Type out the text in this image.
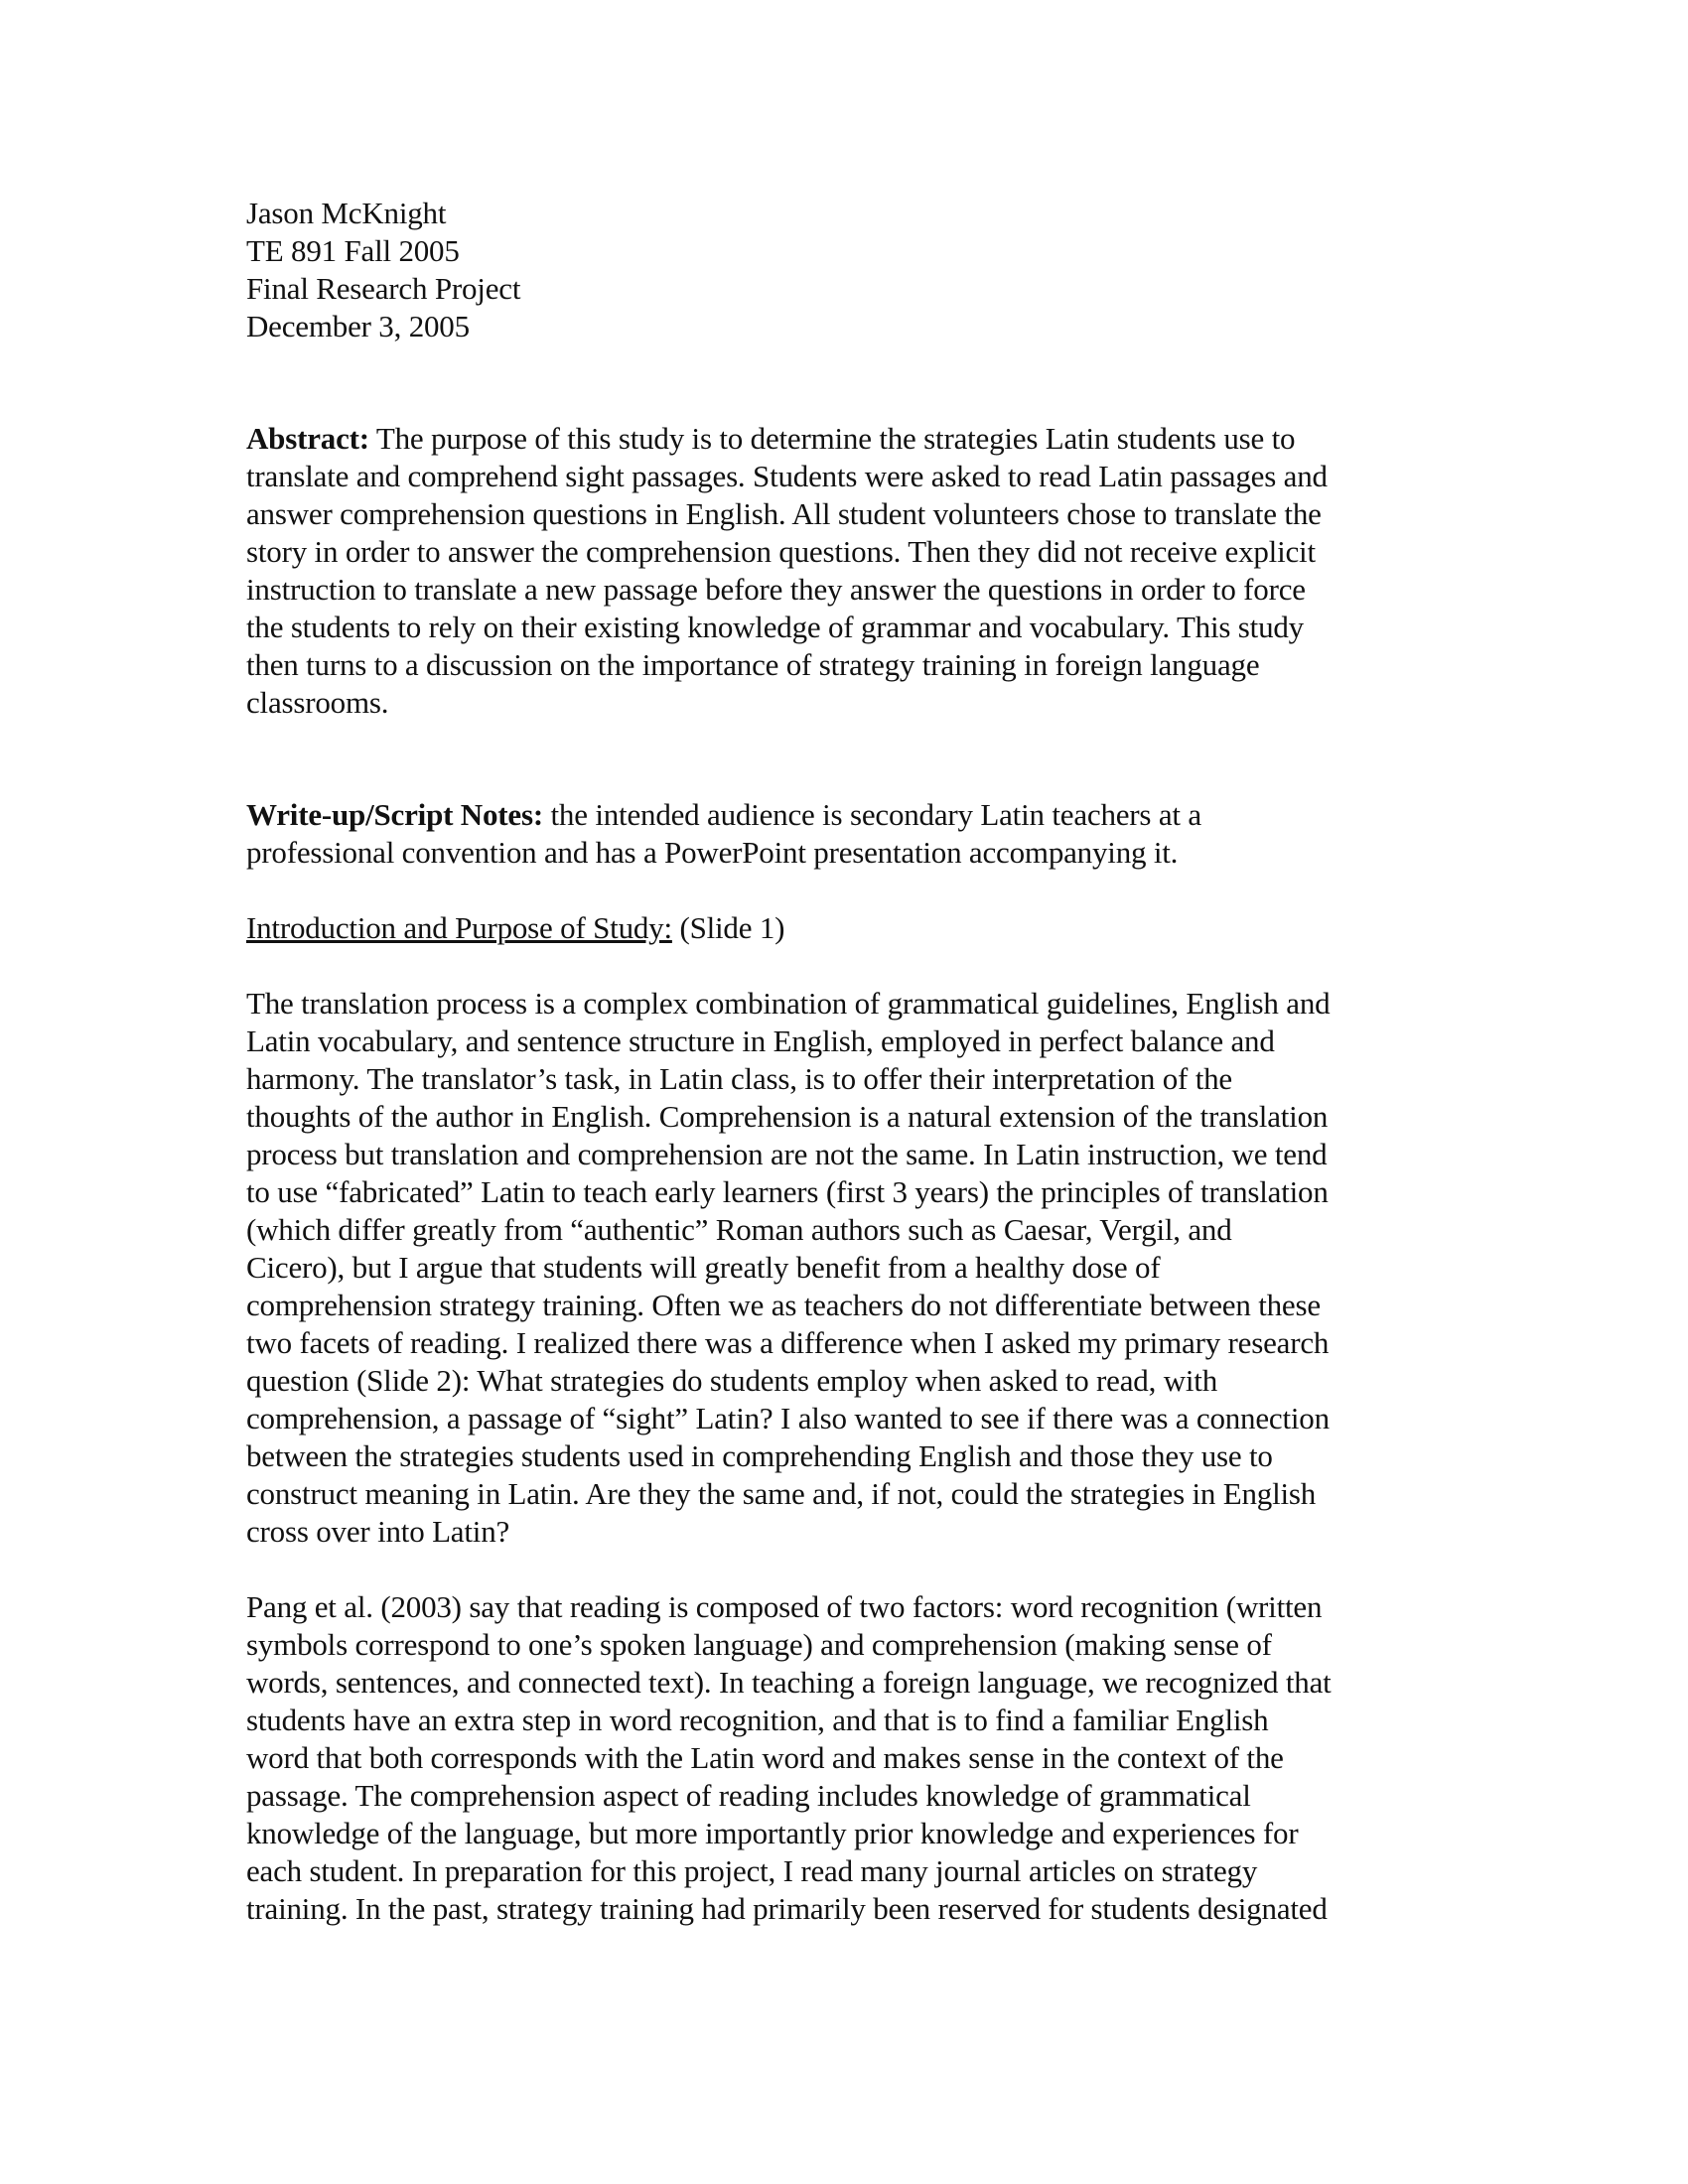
Jason McKnight
TE 891 Fall 2005
Final Research Project
December 3, 2005
Abstract: The purpose of this study is to determine the strategies Latin students use to
translate and comprehend sight passages. Students were asked to read Latin passages and
answer comprehension questions in English. All student volunteers chose to translate the
story in order to answer the comprehension questions. Then they did not receive explicit
instruction to translate a new passage before they answer the questions in order to force
the students to rely on their existing knowledge of grammar and vocabulary. This study
then turns to a discussion on the importance of strategy training in foreign language
classrooms.
Write-up/Script Notes: the intended audience is secondary Latin teachers at a
professional convention and has a PowerPoint presentation accompanying it.
Introduction and Purpose of Study: (Slide 1)
The translation process is a complex combination of grammatical guidelines, English and
Latin vocabulary, and sentence structure in English, employed in perfect balance and
harmony. The translator’s task, in Latin class, is to offer their interpretation of the
thoughts of the author in English. Comprehension is a natural extension of the translation
process but translation and comprehension are not the same. In Latin instruction, we tend
to use “fabricated” Latin to teach early learners (first 3 years) the principles of translation
(which differ greatly from “authentic” Roman authors such as Caesar, Vergil, and
Cicero), but I argue that students will greatly benefit from a healthy dose of
comprehension strategy training. Often we as teachers do not differentiate between these
two facets of reading. I realized there was a difference when I asked my primary research
question (Slide 2): What strategies do students employ when asked to read, with
comprehension, a passage of “sight” Latin? I also wanted to see if there was a connection
between the strategies students used in comprehending English and those they use to
construct meaning in Latin. Are they the same and, if not, could the strategies in English
cross over into Latin?
Pang et al. (2003) say that reading is composed of two factors: word recognition (written
symbols correspond to one’s spoken language) and comprehension (making sense of
words, sentences, and connected text). In teaching a foreign language, we recognized that
students have an extra step in word recognition, and that is to find a familiar English
word that both corresponds with the Latin word and makes sense in the context of the
passage. The comprehension aspect of reading includes knowledge of grammatical
knowledge of the language, but more importantly prior knowledge and experiences for
each student. In preparation for this project, I read many journal articles on strategy
training. In the past, strategy training had primarily been reserved for students designated
